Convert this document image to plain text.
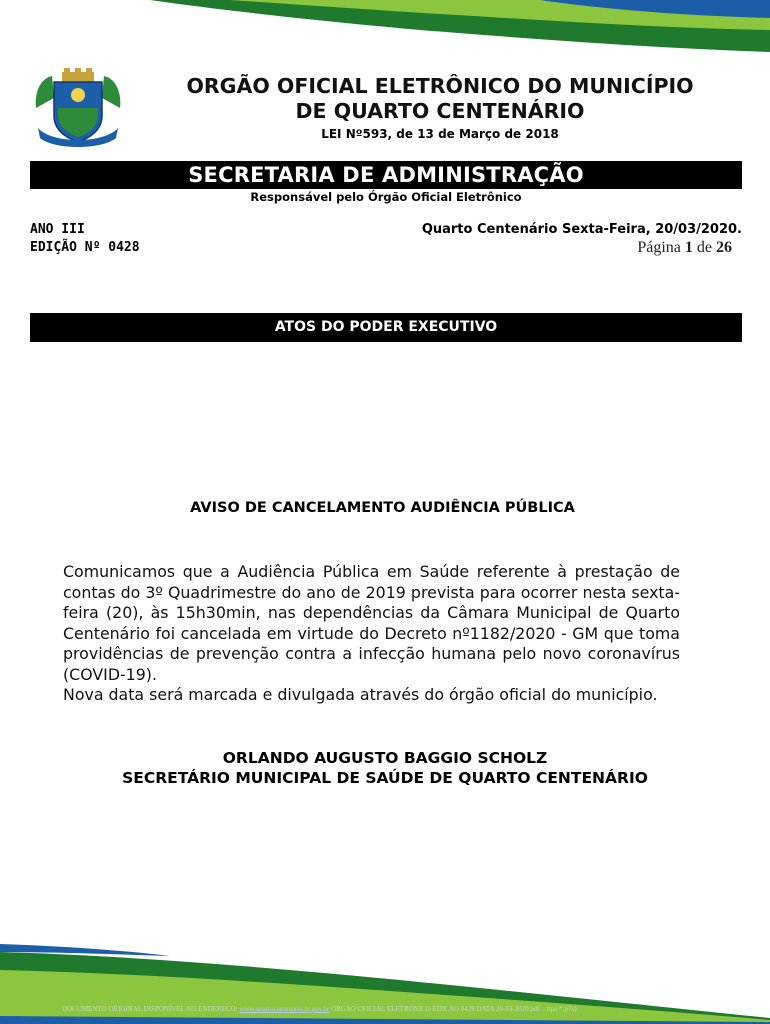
ORGÃO OFICIAL ELETRÔNICO DO MUNICÍPIO
DE QUARTO CENTENÁRIO
LEI Nº593, de 13 de Março de 2018
SECRETARIA DE ADMINISTRAÇÃO
Responsável pelo Órgão Oficial Eletrônico
ANO III
EDIÇÃO Nº 0428
Quarto Centenário Sexta-Feira, 20/03/2020.
Página 1 de 26
ATOS DO PODER EXECUTIVO
AVISO DE CANCELAMENTO AUDIÊNCIA PÚBLICA

Comunicamos que a Audiência Pública em Saúde referente à prestação de contas do 3º Quadrimestre do ano de 2019 prevista para ocorrer nesta sexta-feira (20), às 15h30min, nas dependências da Câmara Municipal de Quarto Centenário foi cancelada em virtude do Decreto nº1182/2020 - GM que toma providências de prevenção contra a infecção humana pelo novo coronavírus (COVID-19).

Nova data será marcada e divulgada através do órgão oficial do município.

ORLANDO AUGUSTO BAGGIO SCHOLZ
SECRETÁRIO MUNICIPAL DE SAÚDE DE QUARTO CENTENÁRIO
DOCUMENTO ORIGINAL DISPONÍVEL NO ENDEREÇO: www.quartocentenario.pr.gov.br ORGAO OFICIAL ELETRONICO EDICAO 0428 DATA 20-03-2020.pdf – tipo *.p7s)
